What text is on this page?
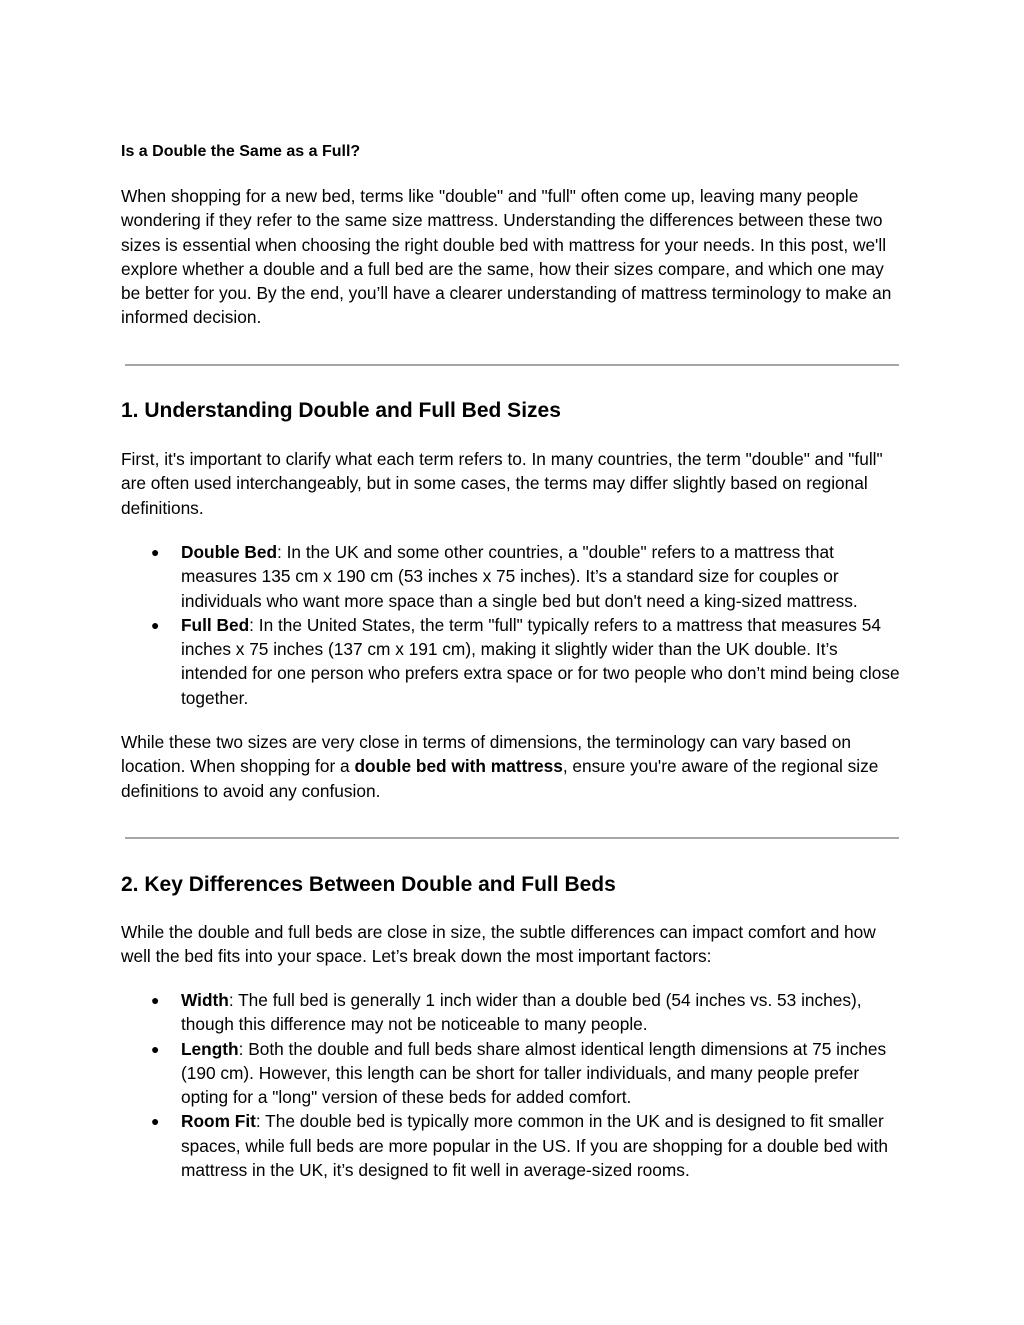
Is a Double the Same as a Full?

When shopping for a new bed, terms like "double" and "full" often come up, leaving many people wondering if they refer to the same size mattress. Understanding the differences between these two sizes is essential when choosing the right double bed with mattress for your needs. In this post, we'll explore whether a double and a full bed are the same, how their sizes compare, and which one may be better for you. By the end, you’ll have a clearer understanding of mattress terminology to make an informed decision.

1. Understanding Double and Full Bed Sizes

First, it's important to clarify what each term refers to. In many countries, the term "double" and "full" are often used interchangeably, but in some cases, the terms may differ slightly based on regional definitions.

● Double Bed: In the UK and some other countries, a "double" refers to a mattress that measures 135 cm x 190 cm (53 inches x 75 inches). It’s a standard size for couples or individuals who want more space than a single bed but don't need a king-sized mattress.
● Full Bed: In the United States, the term "full" typically refers to a mattress that measures 54 inches x 75 inches (137 cm x 191 cm), making it slightly wider than the UK double. It’s intended for one person who prefers extra space or for two people who don’t mind being close together.

While these two sizes are very close in terms of dimensions, the terminology can vary based on location. When shopping for a double bed with mattress, ensure you're aware of the regional size definitions to avoid any confusion.

2. Key Differences Between Double and Full Beds

While the double and full beds are close in size, the subtle differences can impact comfort and how well the bed fits into your space. Let’s break down the most important factors:

● Width: The full bed is generally 1 inch wider than a double bed (54 inches vs. 53 inches), though this difference may not be noticeable to many people.
● Length: Both the double and full beds share almost identical length dimensions at 75 inches (190 cm). However, this length can be short for taller individuals, and many people prefer opting for a "long" version of these beds for added comfort.
● Room Fit: The double bed is typically more common in the UK and is designed to fit smaller spaces, while full beds are more popular in the US. If you are shopping for a double bed with mattress in the UK, it’s designed to fit well in average-sized rooms.
